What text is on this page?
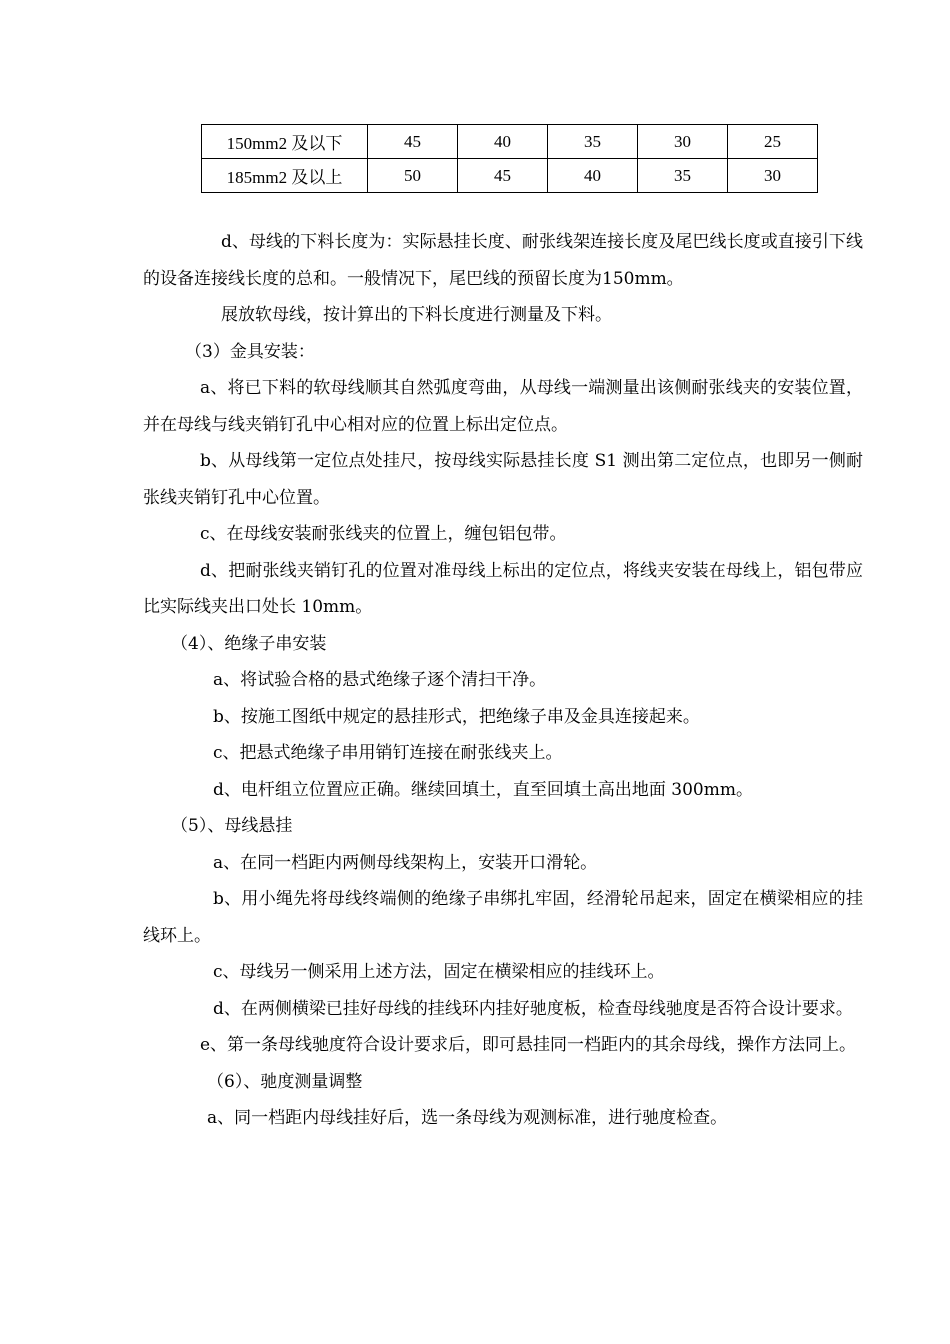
150mm2 及以下	45	40	35	30	25
185mm2 及以上	50	45	40	35	30

d、母线的下料长度为：实际悬挂长度、耐张线架连接长度及尾巴线长度或直接引下线的设备连接线长度的总和。一般情况下，尾巴线的预留长度为150mm。

展放软母线，按计算出的下料长度进行测量及下料。

（3）金具安装：

a、将已下料的软母线顺其自然弧度弯曲，从母线一端测量出该侧耐张线夹的安装位置，并在母线与线夹销钉孔中心相对应的位置上标出定位点。

b、从母线第一定位点处挂尺，按母线实际悬挂长度 S1 测出第二定位点，也即另一侧耐张线夹销钉孔中心位置。

c、在母线安装耐张线夹的位置上，缠包铝包带。

d、把耐张线夹销钉孔的位置对准母线上标出的定位点，将线夹安装在母线上，铝包带应比实际线夹出口处长 10mm。

（4）、绝缘子串安装

a、将试验合格的悬式绝缘子逐个清扫干净。

b、按施工图纸中规定的悬挂形式，把绝缘子串及金具连接起来。

c、把悬式绝缘子串用销钉连接在耐张线夹上。

d、电杆组立位置应正确。继续回填土，直至回填土高出地面 300mm。

（5）、母线悬挂

a、在同一档距内两侧母线架构上，安装开口滑轮。

b、用小绳先将母线终端侧的绝缘子串绑扎牢固，经滑轮吊起来，固定在横梁相应的挂线环上。

c、母线另一侧采用上述方法，固定在横梁相应的挂线环上。

d、在两侧横梁已挂好母线的挂线环内挂好驰度板，检查母线驰度是否符合设计要求。

e、第一条母线驰度符合设计要求后，即可悬挂同一档距内的其余母线，操作方法同上。

（6）、驰度测量调整

a、同一档距内母线挂好后，选一条母线为观测标准，进行驰度检查。
